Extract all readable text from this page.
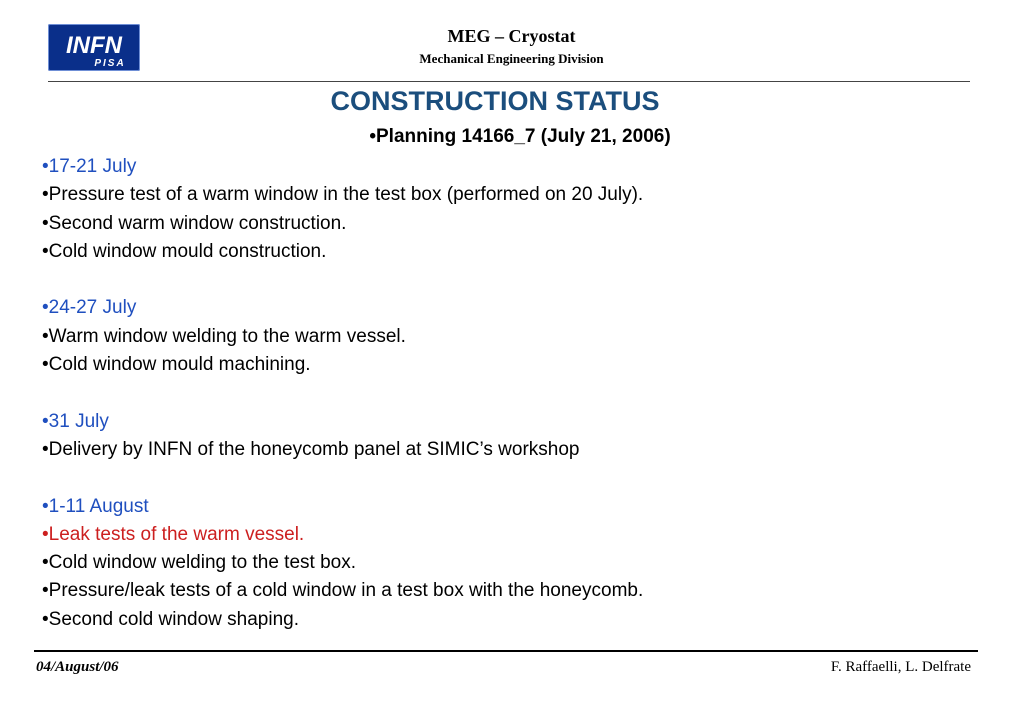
INFN
PISA
MEG – Cryostat
Mechanical Engineering Division
CONSTRUCTION STATUS
•Planning 14166_7 (July 21, 2006)
•17-21 July
•Pressure test of a warm window in the test box (performed on 20 July).
•Second warm window construction.
•Cold window mould construction.
•24-27 July
•Warm window welding to the warm vessel.
•Cold window mould machining.
•31 July
•Delivery by INFN of the honeycomb panel at SIMIC’s workshop
•1-11 August
•Leak tests of the warm vessel.
•Cold window welding to the test box.
•Pressure/leak tests of a cold window in a test box with the honeycomb.
•Second cold window shaping.
04/August/06	F. Raffaelli, L. Delfrate
